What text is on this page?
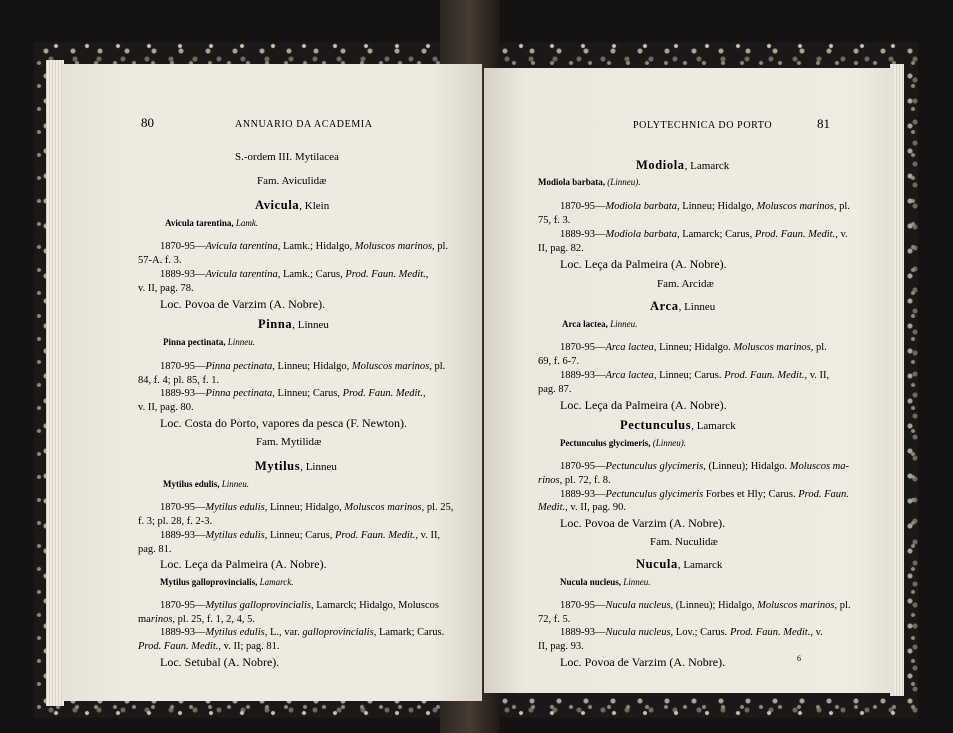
80	ANNUARIO DA ACADEMIA	POLYTECHNICA DO PORTO	81
S.-ordem III. Mytilacea
Fam. Aviculidæ
Avicula, Klein
Avicula tarentina, Lamk.
1870-95—Avicula tarentina, Lamk.; Hidalgo, Moluscos marinos, pl.
57-A. f. 3.
1889-93—Avicula tarentina, Lamk.; Carus, Prod. Faun. Medit.,
v. II, pag. 78.
Loc. Povoa de Varzim (A. Nobre).
Pinna, Linneu
Pinna pectinata, Linneu.
1870-95—Pinna pectinata, Linneu; Hidalgo, Moluscos marinos, pl.
84, f. 4; pl. 85, f. 1.
1889-93—Pinna pectinata, Linneu; Carus, Prod. Faun. Medit.,
v. II, pag. 80.
Loc. Costa do Porto, vapores da pesca (F. Newton).
Fam. Mytilidæ
Mytilus, Linneu
Mytilus edulis, Linneu.
1870-95—Mytilus edulis, Linneu; Hidalgo, Moluscos marinos, pl. 25,
f. 3; pl. 28, f. 2-3.
1889-93—Mytilus edulis, Linneu; Carus, Prod. Faun. Medit., v. II,
pag. 81.
Loc. Leça da Palmeira (A. Nobre).
Mytilus galloprovincialis, Lamarck.
1870-95—Mytilus galloprovincialis, Lamarck; Hidalgo, Moluscos
marinos, pl. 25, f. 1, 2, 4, 5.
1889-93—Mytilus edulis, L., var. galloprovincialis, Lamark; Carus.
Prod. Faun. Medit., v. II; pag. 81.
Loc. Setubal (A. Nobre).
Modiola, Lamarck
Modiola barbata, (Linneu).
1870-95—Modiola barbata, Linneu; Hidalgo, Moluscos marinos, pl.
75, f. 3.
1889-93—Modiola barbata, Lamarck; Carus, Prod. Faun. Medit., v.
II, pag. 82.
Loc. Leça da Palmeira (A. Nobre).
Fam. Arcidæ
Arca, Linneu
Arca lactea, Linneu.
1870-95—Arca lactea, Linneu; Hidalgo. Moluscos marinos, pl.
69, f. 6-7.
1889-93—Arca lactea, Linneu; Carus. Prod. Faun. Medit., v. II,
pag. 87.
Loc. Leça da Palmeira (A. Nobre).
Pectunculus, Lamarck
Pectunculus glycimeris, (Linneu).
1870-95—Pectunculus glycimeris, (Linneu); Hidalgo. Moluscos ma-
rinos, pl. 72, f. 8.
1889-93—Pectunculus glycimeris Forbes et Hly; Carus. Prod. Faun.
Medit., v. II, pag. 90.
Loc. Povoa de Varzim (A. Nobre).
Fam. Nuculidæ
Nucula, Lamarck
Nucula nucleus, Linneu.
1870-95—Nucula nucleus, (Linneu); Hidalgo, Moluscos marinos, pl.
72, f. 5.
1889-93—Nucula nucleus, Lov.; Carus. Prod. Faun. Medit., v.
II, pag. 93.
Loc. Povoa de Varzim (A. Nobre).	6
